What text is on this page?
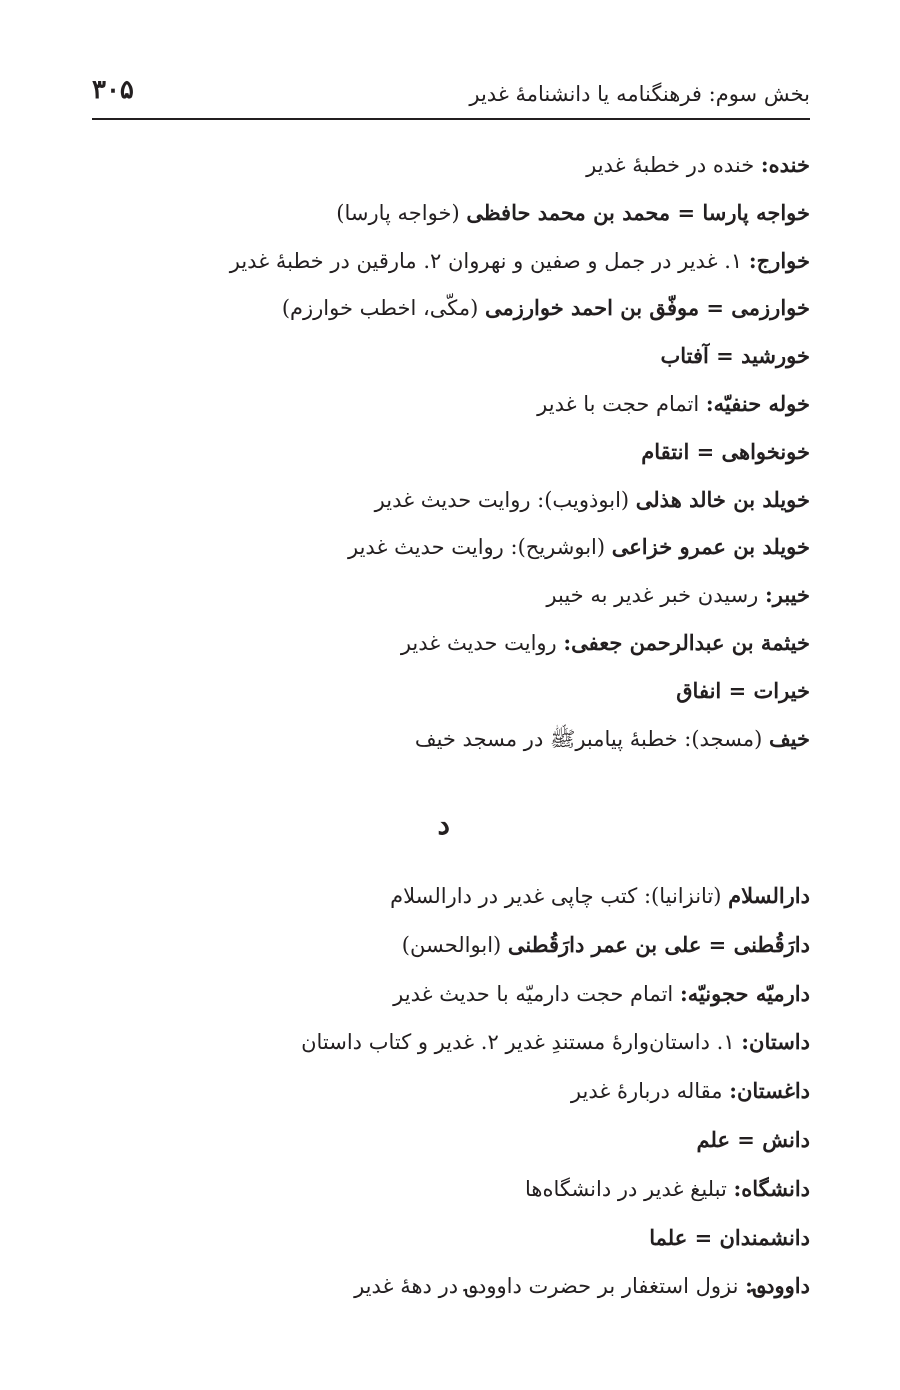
بخش سوم: فرهنگنامه یا دانشنامۀ غدیر
۳۰۵
خنده: خنده در خطبۀ غدیر
خواجه پارسا = محمد بن محمد حافظی (خواجه پارسا)
خوارج: ۱. غدیر در جمل و صفین و نهروان ۲. مارقین در خطبۀ غدیر
خوارزمی = موفّق بن احمد خوارزمی (مکّی، اخطب خوارزم)
خورشید = آفتاب
خوله حنفیّه: اتمام حجت با غدیر
خونخواهی = انتقام
خویلد بن خالد هذلی (ابوذویب): روایت حدیث غدیر
خویلد بن عمرو خزاعی (ابوشریح): روایت حدیث غدیر
خیبر: رسیدن خبر غدیر به خیبر
خیثمة بن عبدالرحمن جعفی: روایت حدیث غدیر
خیرات = انفاق
خیف (مسجد): خطبۀ پیامبرﷺ در مسجد خیف
د
دارالسلام (تانزانیا): کتب چاپی غدیر در دارالسلام
دارَقُطنی = علی بن عمر دارَقُطنی (ابوالحسن)
دارمیّه حجونیّه: اتمام حجت دارمیّه با حدیث غدیر
داستان: ۱. داستان‌وارۀ مستندِ غدیر ۲. غدیر و کتاب داستان
داغستان: مقاله دربارۀ غدیر
دانش = علم
دانشگاه: تبلیغ غدیر در دانشگاه‌ها
دانشمندان = علما
داوود؈: نزول استغفار بر حضرت داوود؈ در دهۀ غدیر
